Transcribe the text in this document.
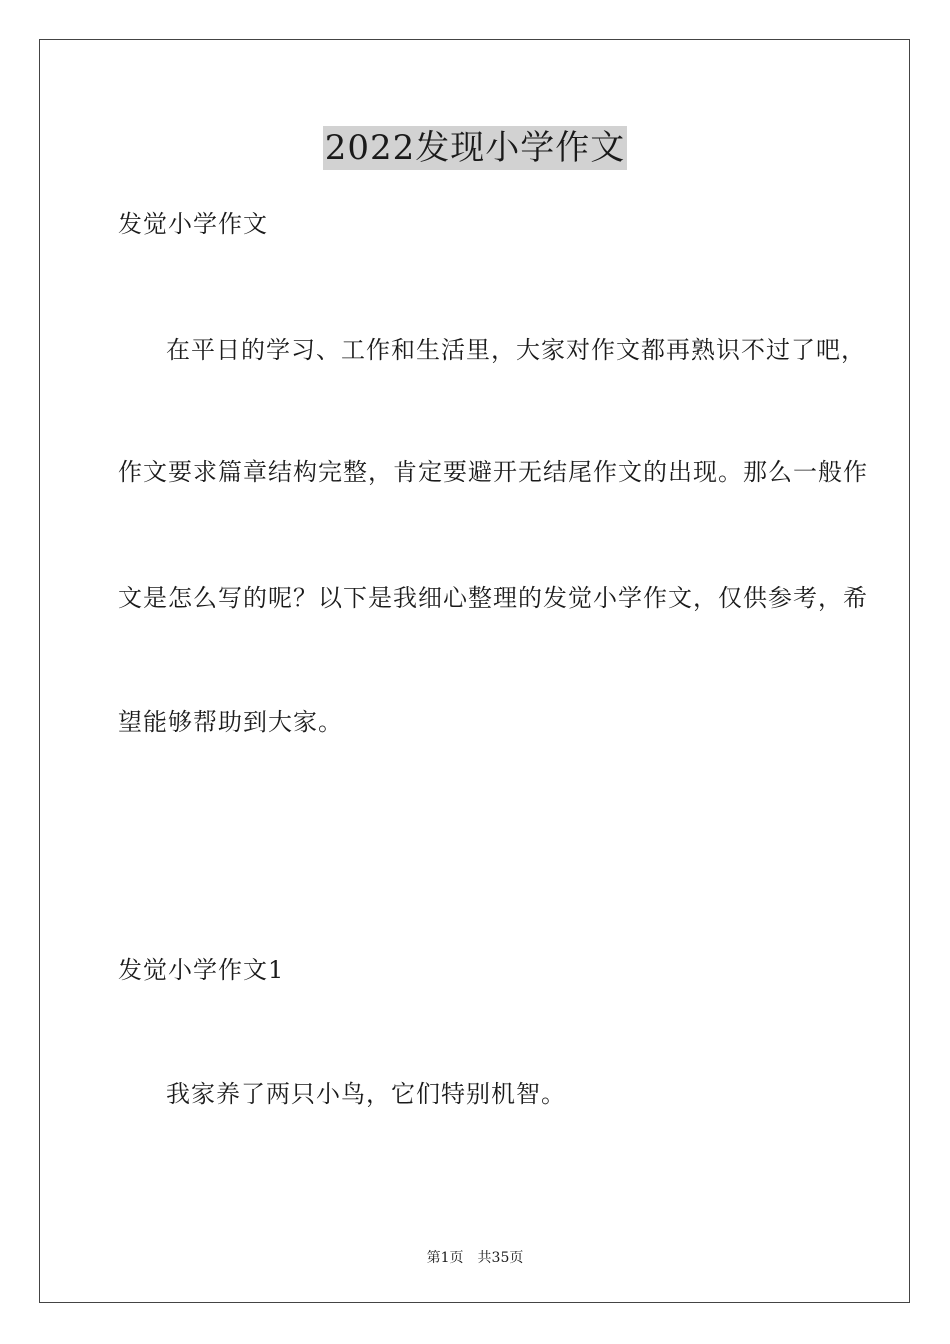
2022发现小学作文
发觉小学作文
在平日的学习、工作和生活里，大家对作文都再熟识不过了吧，
作文要求篇章结构完整，肯定要避开无结尾作文的出现。那么一般作
文是怎么写的呢？以下是我细心整理的发觉小学作文，仅供参考，希
望能够帮助到大家。
发觉小学作文1
我家养了两只小鸟，它们特别机智。
第1页 共35页
